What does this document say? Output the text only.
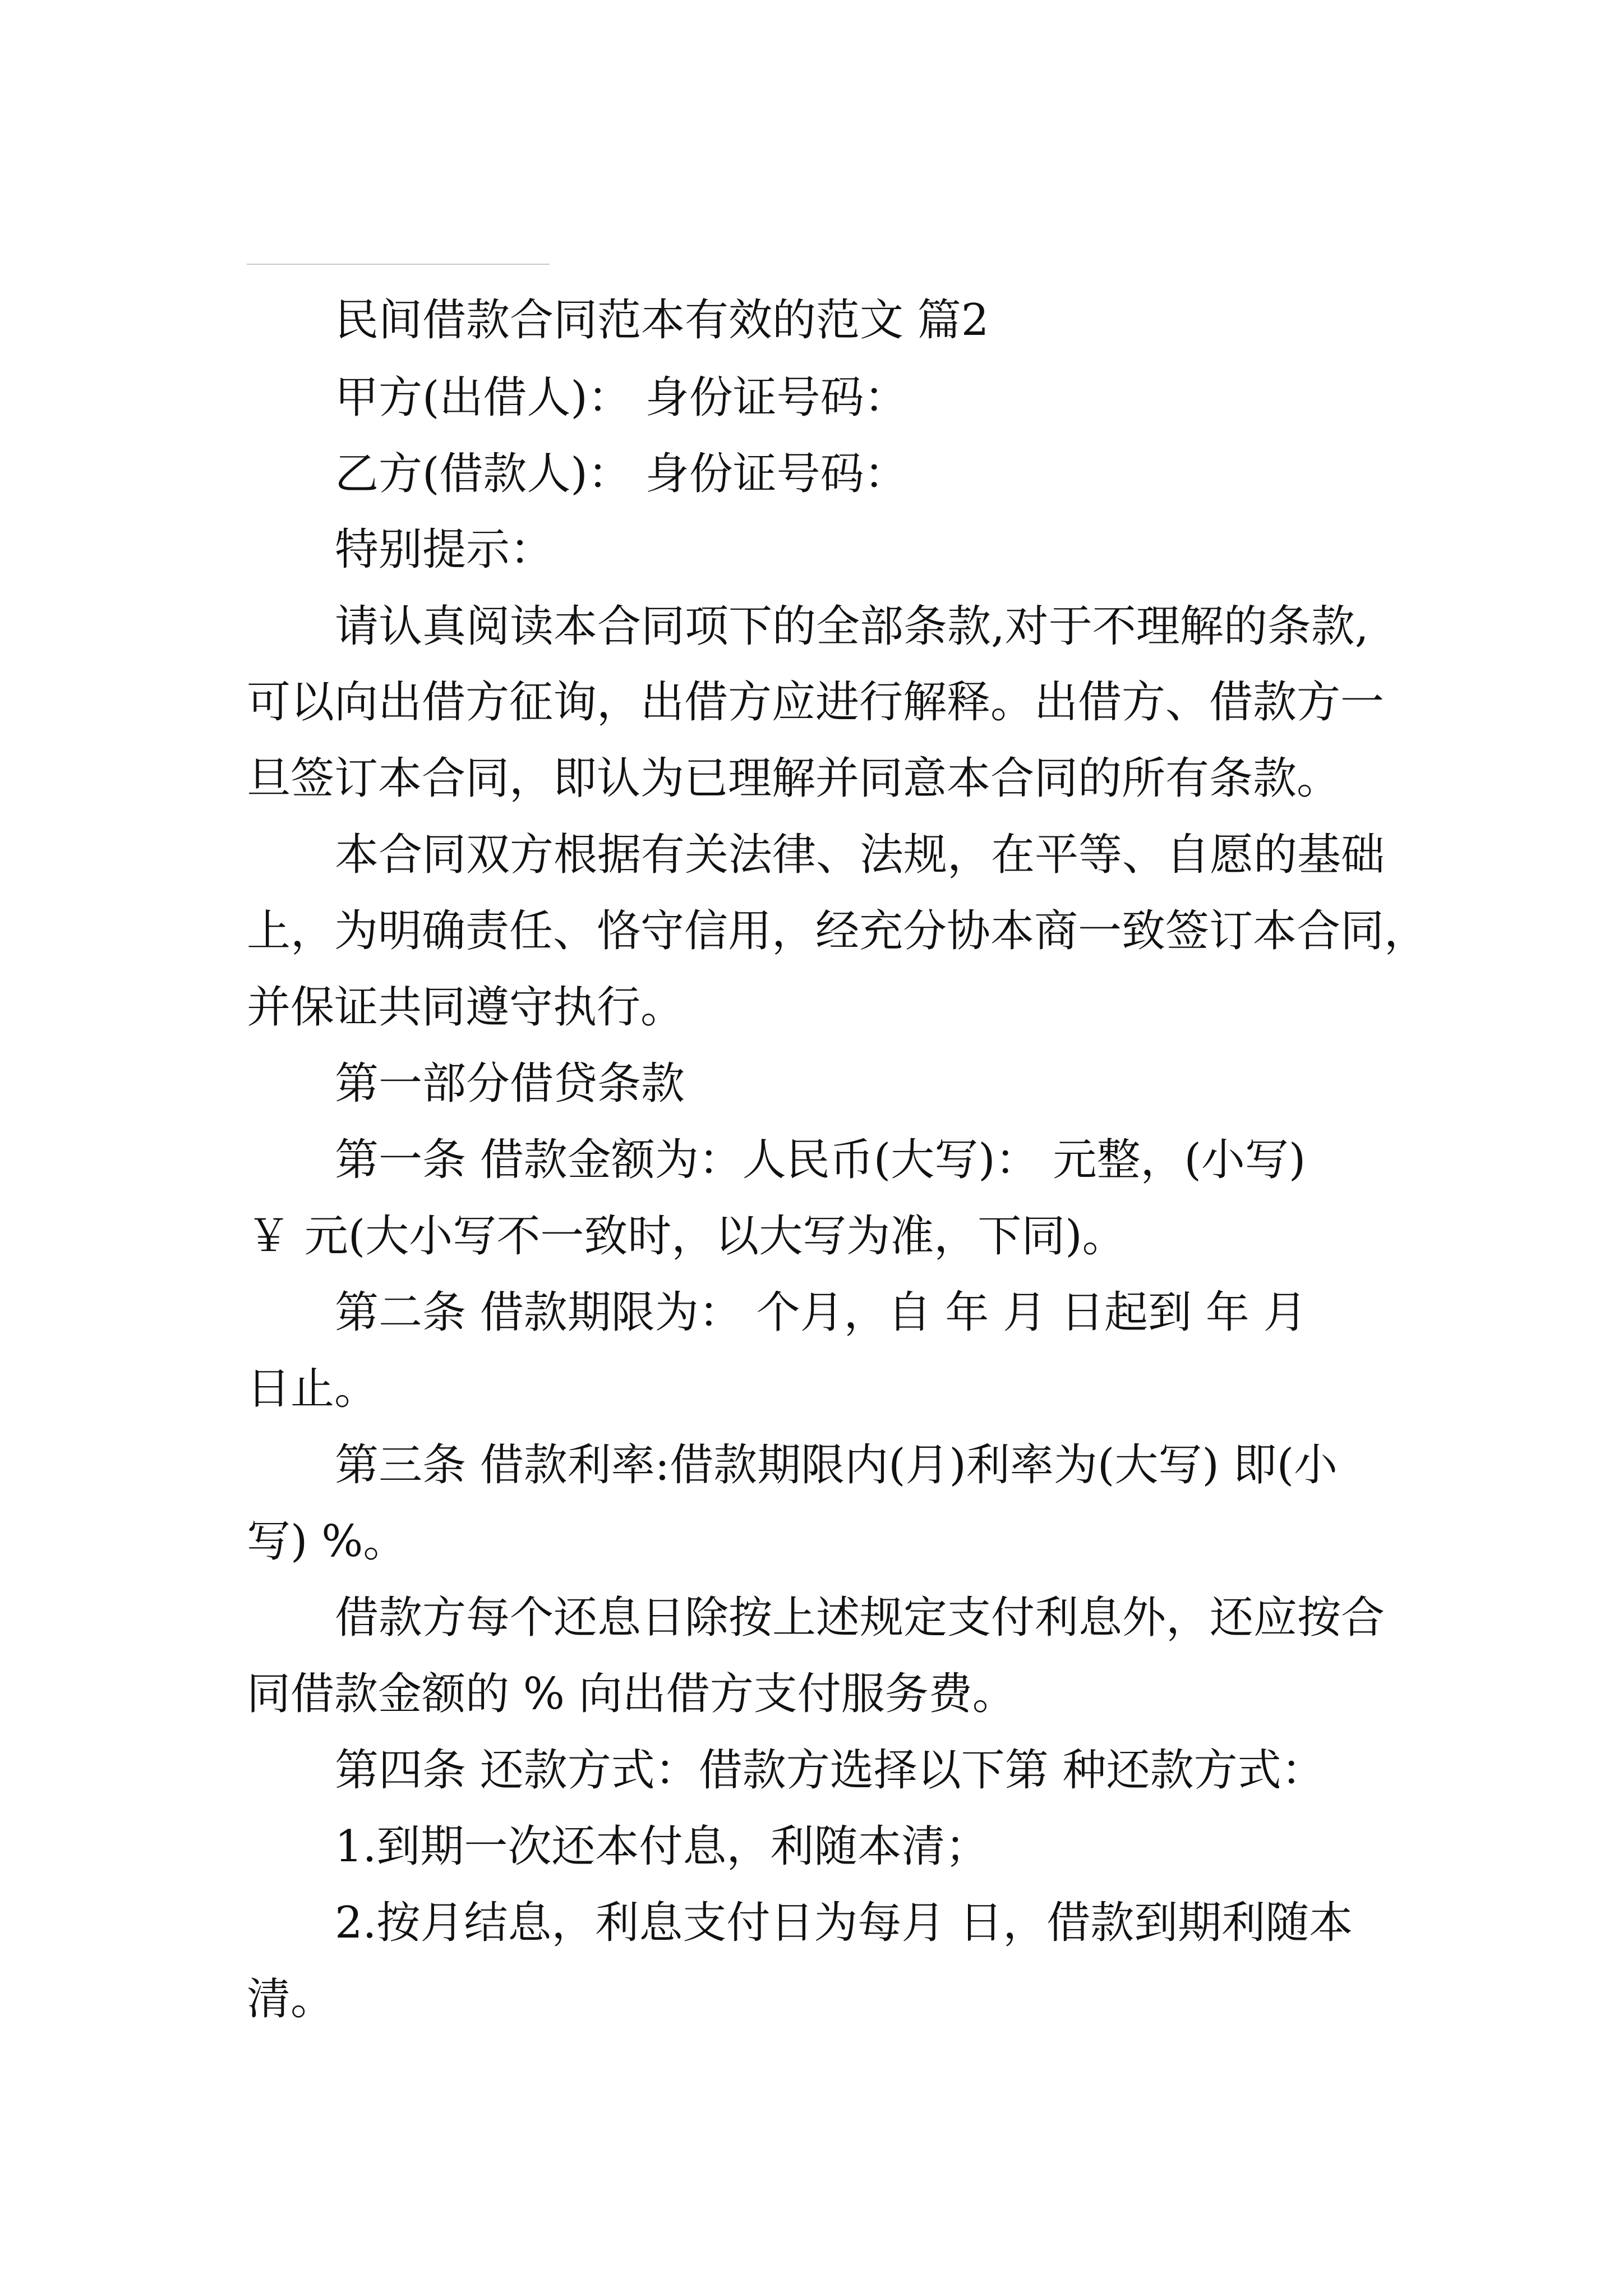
民间借款合同范本有效的范文 篇2
甲方(出借人)： 身份证号码：
乙方(借款人)： 身份证号码：
特别提示：
请认真阅读本合同项下的全部条款,对于不理解的条款,
可以向出借方征询，出借方应进行解释。出借方、借款方一
旦签订本合同，即认为已理解并同意本合同的所有条款。
本合同双方根据有关法律、法规，在平等、自愿的基础
上，为明确责任、恪守信用，经充分协本商一致签订本合同，
并保证共同遵守执行。
第一部分借贷条款
第一条 借款金额为：人民币(大写)： 元整，(小写)
￥ 元(大小写不一致时，以大写为准，下同)。
第二条 借款期限为： 个月，自 年 月 日起到 年 月
日止。
第三条 借款利率:借款期限内(月)利率为(大写) 即(小
写) %。
借款方每个还息日除按上述规定支付利息外，还应按合
同借款金额的 % 向出借方支付服务费。
第四条 还款方式：借款方选择以下第 种还款方式：
1.到期一次还本付息，利随本清；
2.按月结息，利息支付日为每月 日，借款到期利随本
清。
